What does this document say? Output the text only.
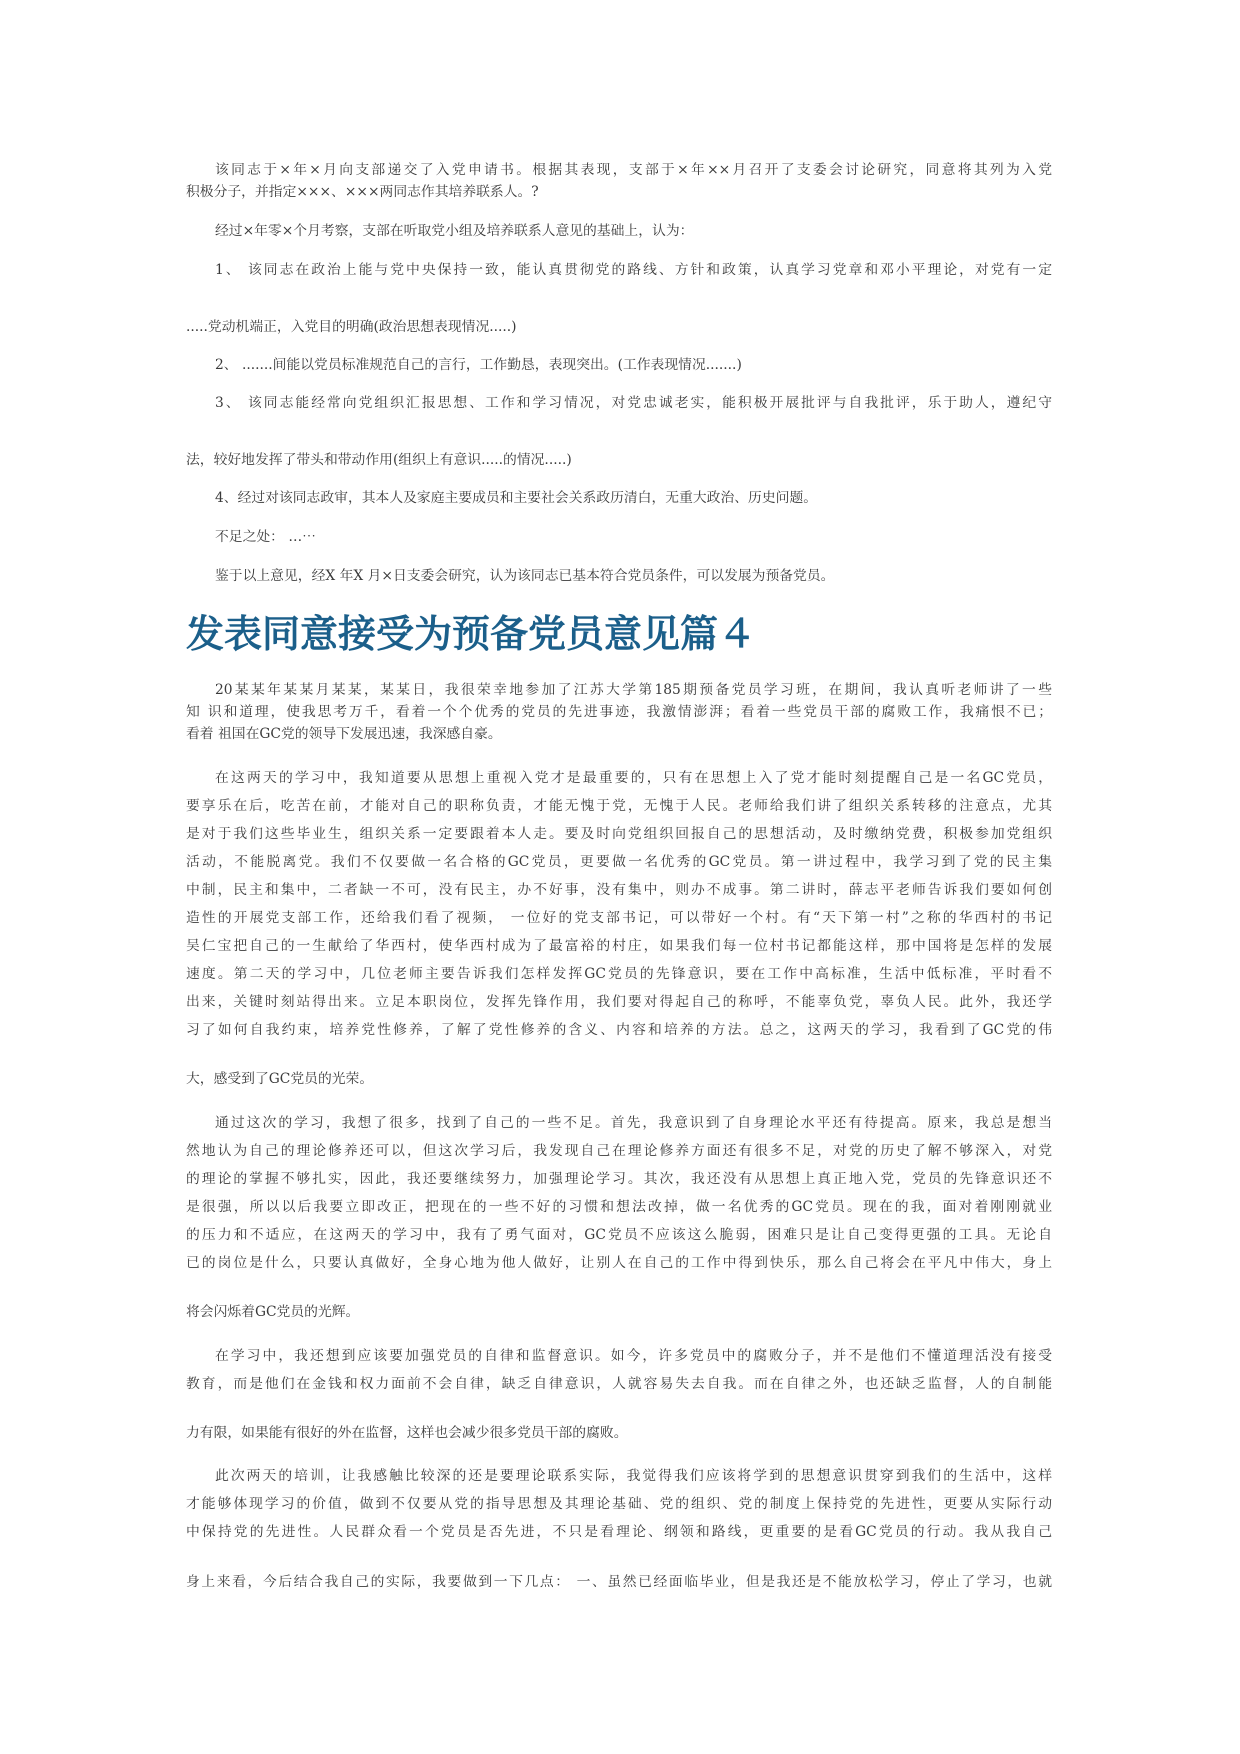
该同志于×年×月向支部递交了入党申请书。根据其表现，支部于×年××月召开了支委会讨论研究，同意将其列为入党
积极分子，并指定×××、×××两同志作其培养联系人。?
经过×年零×个月考察，支部在听取党小组及培养联系人意见的基础上，认为：
1、 该同志在政治上能与党中央保持一致，能认真贯彻党的路线、方针和政策，认真学习党章和邓小平理论，对党有一定
.....党动机端正，入党目的明确(政治思想表现情况.....)
2、 .......间能以党员标准规范自己的言行，工作勤恳，表现突出。(工作表现情况.......)
3、 该同志能经常向党组织汇报思想、工作和学习情况，对党忠诚老实，能积极开展批评与自我批评，乐于助人，遵纪守
法，较好地发挥了带头和带动作用(组织上有意识.....的情况.....)
4、经过对该同志政审，其本人及家庭主要成员和主要社会关系政历清白，无重大政治、历史问题。
不足之处： …⋯
鉴于以上意见，经X 年X 月×日支委会研究，认为该同志已基本符合党员条件，可以发展为预备党员。
发表同意接受为预备党员意见篇４
20某某年某某月某某，某某日，我很荣幸地参加了江苏大学第185期预备党员学习班，在期间，我认真听老师讲了一些
知 识和道理，使我思考万千，看着一个个优秀的党员的先进事迹，我激情澎湃；看着一些党员干部的腐败工作，我痛恨不已；
看着 祖国在GC党的领导下发展迅速，我深感自豪。
在这两天的学习中，我知道要从思想上重视入党才是最重要的，只有在思想上入了党才能时刻提醒自己是一名GC党员，
要享乐在后，吃苦在前，才能对自己的职称负责，才能无愧于党，无愧于人民。老师给我们讲了组织关系转移的注意点，尤其
是对于我们这些毕业生，组织关系一定要跟着本人走。要及时向党组织回报自己的思想活动，及时缴纳党费，积极参加党组织
活动，不能脱离党。我们不仅要做一名合格的GC党员，更要做一名优秀的GC党员。第一讲过程中，我学习到了党的民主集
中制，民主和集中，二者缺一不可，没有民主，办不好事，没有集中，则办不成事。第二讲时，薛志平老师告诉我们要如何创
造性的开展党支部工作，还给我们看了视频， 一位好的党支部书记，可以带好一个村。有“天下第一村”之称的华西村的书记
吴仁宝把自己的一生献给了华西村，使华西村成为了最富裕的村庄，如果我们每一位村书记都能这样，那中国将是怎样的发展
速度。第二天的学习中，几位老师主要告诉我们怎样发挥GC党员的先锋意识，要在工作中高标准，生活中低标准，平时看不
出来，关键时刻站得出来。立足本职岗位，发挥先锋作用，我们要对得起自己的称呼，不能辜负党，辜负人民。此外，我还学
习了如何自我约束，培养党性修养，了解了党性修养的含义、内容和培养的方法。总之，这两天的学习，我看到了GC党的伟
大，感受到了GC党员的光荣。
通过这次的学习，我想了很多，找到了自己的一些不足。首先，我意识到了自身理论水平还有待提高。原来，我总是想当
然地认为自己的理论修养还可以，但这次学习后，我发现自己在理论修养方面还有很多不足，对党的历史了解不够深入，对党
的理论的掌握不够扎实，因此，我还要继续努力，加强理论学习。其次，我还没有从思想上真正地入党，党员的先锋意识还不
是很强，所以以后我要立即改正，把现在的一些不好的习惯和想法改掉，做一名优秀的GC党员。现在的我，面对着刚刚就业
的压力和不适应，在这两天的学习中，我有了勇气面对，GC党员不应该这么脆弱，困难只是让自己变得更强的工具。无论自
已的岗位是什么，只要认真做好，全身心地为他人做好，让别人在自己的工作中得到快乐，那么自己将会在平凡中伟大，身上
将会闪烁着GC党员的光辉。
在学习中，我还想到应该要加强党员的自律和监督意识。如今，许多党员中的腐败分子，并不是他们不懂道理活没有接受
教育，而是他们在金钱和权力面前不会自律，缺乏自律意识，人就容易失去自我。而在自律之外，也还缺乏监督，人的自制能
力有限，如果能有很好的外在监督，这样也会减少很多党员干部的腐败。
此次两天的培训，让我感触比较深的还是要理论联系实际，我觉得我们应该将学到的思想意识贯穿到我们的生活中，这样
才能够体现学习的价值，做到不仅要从党的指导思想及其理论基础、党的组织、党的制度上保持党的先进性，更要从实际行动
中保持党的先进性。人民群众看一个党员是否先进，不只是看理论、纲领和路线，更重要的是看GC党员的行动。我从我自己
身上来看，今后结合我自己的实际，我要做到一下几点： 一、虽然已经面临毕业，但是我还是不能放松学习，停止了学习，也就
